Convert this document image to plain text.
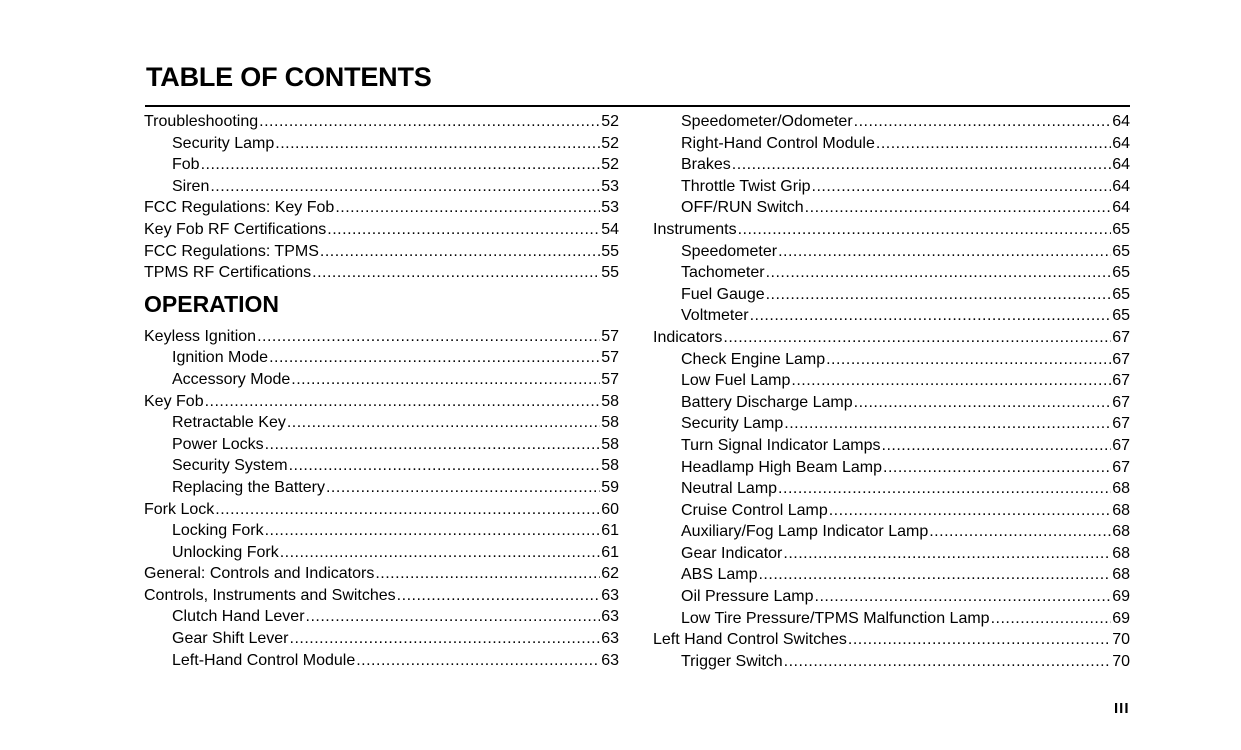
TABLE OF CONTENTS
Troubleshooting .....	52
Security Lamp .....	52
Fob .....	52
Siren .....	53
FCC Regulations: Key Fob .....	53
Key Fob RF Certifications .....	54
FCC Regulations: TPMS .....	55
TPMS RF Certifications .....	55
OPERATION
Keyless Ignition .....	57
Ignition Mode .....	57
Accessory Mode .....	57
Key Fob .....	58
Retractable Key .....	58
Power Locks .....	58
Security System .....	58
Replacing the Battery .....	59
Fork Lock .....	60
Locking Fork .....	61
Unlocking Fork .....	61
General: Controls and Indicators .....	62
Controls, Instruments and Switches .....	63
Clutch Hand Lever .....	63
Gear Shift Lever .....	63
Left-Hand Control Module .....	63
Speedometer/Odometer .....	64
Right-Hand Control Module .....	64
Brakes .....	64
Throttle Twist Grip .....	64
OFF/RUN Switch .....	64
Instruments .....	65
Speedometer .....	65
Tachometer .....	65
Fuel Gauge .....	65
Voltmeter .....	65
Indicators .....	67
Check Engine Lamp .....	67
Low Fuel Lamp .....	67
Battery Discharge Lamp .....	67
Security Lamp .....	67
Turn Signal Indicator Lamps .....	67
Headlamp High Beam Lamp .....	67
Neutral Lamp .....	68
Cruise Control Lamp .....	68
Auxiliary/Fog Lamp Indicator Lamp .....	68
Gear Indicator .....	68
ABS Lamp .....	68
Oil Pressure Lamp .....	69
Low Tire Pressure/TPMS Malfunction Lamp .....	69
Left Hand Control Switches .....	70
Trigger Switch .....	70
III
